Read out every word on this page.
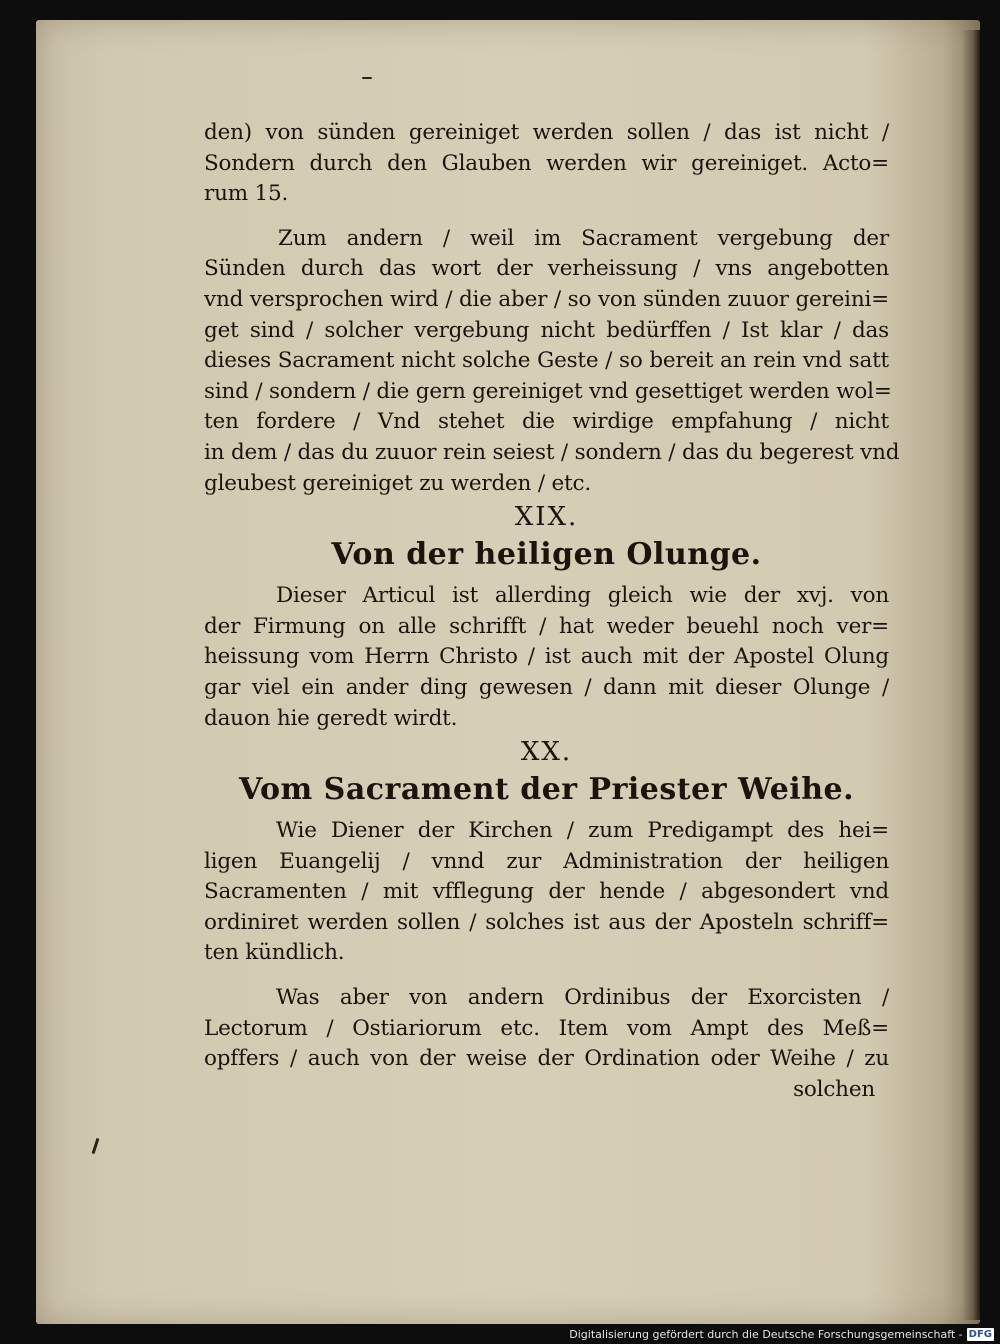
den) von sünden gereiniget werden sollen / das ist nicht /
Sondern durch den Glauben werden wir gereiniget. Acto=
rum 15.
Zum andern / weil im Sacrament vergebung der
Sünden durch das wort der verheissung / vns angebotten
vnd versprochen wird / die aber / so von sünden zuuor gereini=
get sind / solcher vergebung nicht bedürffen / Ist klar / das
dieses Sacrament nicht solche Geste / so bereit an rein vnd satt
sind / sondern / die gern gereiniget vnd gesettiget werden wol=
ten fordere / Vnd stehet die wirdige empfahung / nicht
in dem / das du zuuor rein seiest / sondern / das du begerest vnd
gleubest gereiniget zu werden / etc.
XIX.
Von der heiligen Olunge.
Dieser Articul ist allerding gleich wie der xvj. von
der Firmung on alle schrifft / hat weder beuehl noch ver=
heissung vom Herrn Christo / ist auch mit der Apostel Olung
gar viel ein ander ding gewesen / dann mit dieser Olunge /
dauon hie geredt wirdt.
XX.
Vom Sacrament der Priester Weihe.
Wie Diener der Kirchen / zum Predigampt des hei=
ligen Euangelij / vnnd zur Administration der heiligen
Sacramenten / mit vfflegung der hende / abgesondert vnd
ordiniret werden sollen / solches ist aus der Aposteln schriff=
ten kündlich.
Was aber von andern Ordinibus der Exorcisten /
Lectorum / Ostiariorum etc. Item vom Ampt des Meß=
opffers / auch von der weise der Ordination oder Weihe / zu
solchen
Digitalisierung gefördert durch die Deutsche Forschungsgemeinschaft - DFG
